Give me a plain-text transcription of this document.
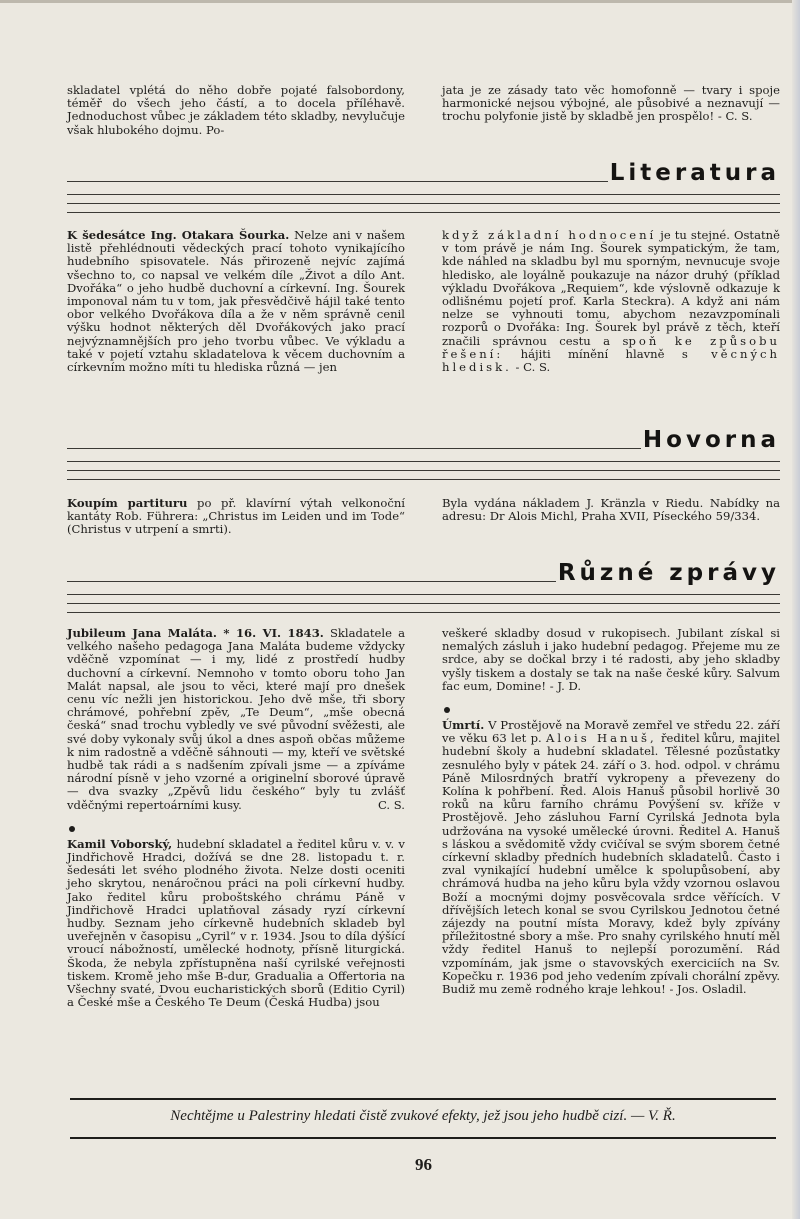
skladatel vplétá do něho dobře pojaté falsobordony, téměř do všech jeho částí, a to docela příléhavě. Jednoduchost vůbec je základem této skladby, nevylučuje však hlubokého dojmu. Po-

jata je ze zásady tato věc homofonně — tvary i spoje harmonické nejsou výbojné, ale působivé a neznavují — trochu polyfonie jistě by skladbě jen prospělo! - C. S.

Literatura

K šedesátce Ing. Otakara Šourka. Nelze ani v našem listě přehlédnouti vědeckých prací tohoto vynikajícího hudebního spisovatele. Nás přirozeně nejvíc zajímá všechno to, co napsal ve velkém díle „Život a dílo Ant. Dvořáka“ o jeho hudbě duchovní a církevní. Ing. Šourek imponoval nám tu v tom, jak přesvědčivě hájil také tento obor velkého Dvořákova díla a že v něm správně cenil výšku hodnot některých děl Dvořákových jako prací nejvýznamnějších pro jeho tvorbu vůbec. Ve výkladu a také v pojetí vztahu skladatelova k věcem duchovním a církevním možno míti tu hlediska různá — jen

když základní hodnocení je tu stejné. Ostatně v tom právě je nám Ing. Šourek sympatickým, že tam, kde náhled na skladbu byl mu sporným, nevnucuje svoje hledisko, ale loyálně poukazuje na názor druhý (příklad výkladu Dvořákova „Requiem“, kde výslovně odkazuje k odlišnému pojetí prof. Karla Steckra). A když ani nám nelze se vyhnouti tomu, abychom nezavzpomínali rozporů o Dvořáka: Ing. Šourek byl právě z těch, kteří značili správnou cestu a spoň ke způsobu řešení: hájiti mínění hlavně s věcných hledisk. - C. S.

Hovorna

Koupím partituru po př. klavírní výtah velkonoční kantáty Rob. Führera: „Christus im Leiden und im Tode“ (Christus v utrpení a smrti).

Byla vydána nákladem J. Kränzla v Riedu. Nabídky na adresu: Dr Alois Michl, Praha XVII, Píseckého 59/334.

Různé zprávy

Jubileum Jana Maláta. * 16. VI. 1843. Skladatele a velkého našeho pedagoga Jana Maláta budeme vždycky vděčně vzpomínat — i my, lidé z prostředí hudby duchovní a církevní. Nemnoho v tomto oboru toho Jan Malát napsal, ale jsou to věci, které mají pro dnešek cenu víc nežli jen historickou. Jeho dvě mše, tři sbory chrámové, pohřební zpěv, „Te Deum“, „mše obecná česká“ snad trochu vybledly ve své původní svěžesti, ale své doby vykonaly svůj úkol a dnes aspoň občas můžeme k nim radostně a vděčně sáhnouti — my, kteří ve světské hudbě tak rádi a s nadšením zpívali jsme — a zpíváme národní písně v jeho vzorné a originelní sborové úpravě — dva svazky „Zpěvů lidu českého“ byly tu zvlášť vděčnými repertoárními kusy.	C. S.

Kamil Voborský, hudební skladatel a ředitel kůru v. v. v Jindřichově Hradci, dožívá se dne 28. listopadu t. r. šedesáti let svého plodného života. Nelze dosti oceniti jeho skrytou, nenáročnou práci na poli církevní hudby. Jako ředitel kůru proboštského chrámu Páně v Jindřichově Hradci uplatňoval zásady ryzí církevní hudby. Seznam jeho církevně hudebních skladeb byl uveřejněn v časopisu „Cyril“ v r. 1934. Jsou to díla dýšící vroucí nábožností, umělecké hodnoty, přísně liturgická. Škoda, že nebyla zpřístupněna naší cyrilské veřejnosti tiskem. Kromě jeho mše B-dur, Gradualia a Offertoria na Všechny svaté, Dvou eucharistických sborů (Editio Cyril) a České mše a Českého Te Deum (Česká Hudba) jsou

veškeré skladby dosud v rukopisech. Jubilant získal si nemalých zásluh i jako hudební pedagog. Přejeme mu ze srdce, aby se dočkal brzy i té radosti, aby jeho skladby vyšly tiskem a dostaly se tak na naše české kůry. Salvum fac eum, Domine! - J. D.

Úmrtí. V Prostějově na Moravě zemřel ve středu 22. září ve věku 63 let p. Alois Hanuš, ředitel kůru, majitel hudební školy a hudební skladatel. Tělesné pozůstatky zesnulého byly v pátek 24. září o 3. hod. odpol. v chrámu Páně Milosrdných bratří vykropeny a převezeny do Kolína k pohřbení. Řed. Alois Hanuš působil horlivě 30 roků na kůru farního chrámu Povýšení sv. kříže v Prostějově. Jeho zásluhou Farní Cyrilská Jednota byla udržována na vysoké umělecké úrovni. Ředitel A. Hanuš s láskou a svědomitě vždy cvičíval se svým sborem četné církevní skladby předních hudebních skladatelů. Často i zval vynikající hudební umělce k spolupůsobení, aby chrámová hudba na jeho kůru byla vždy vzornou oslavou Boží a mocnými dojmy posvěcovala srdce věřících. V dřívějších letech konal se svou Cyrilskou Jednotou četné zájezdy na poutní místa Moravy, kdež byly zpívány příležitostné sbory a mše. Pro snahy cyrilského hnutí měl vždy ředitel Hanuš to nejlepší porozumění. Rád vzpomínám, jak jsme o stavovských exerciciích na Sv. Kopečku r. 1936 pod jeho vedením zpívali chorální zpěvy. Budiž mu země rodného kraje lehkou! - Jos. Osladil.

Nechtějme u Palestriny hledati čistě zvukové efekty, jež jsou jeho hudbě cizí. — V. Ř.
96
